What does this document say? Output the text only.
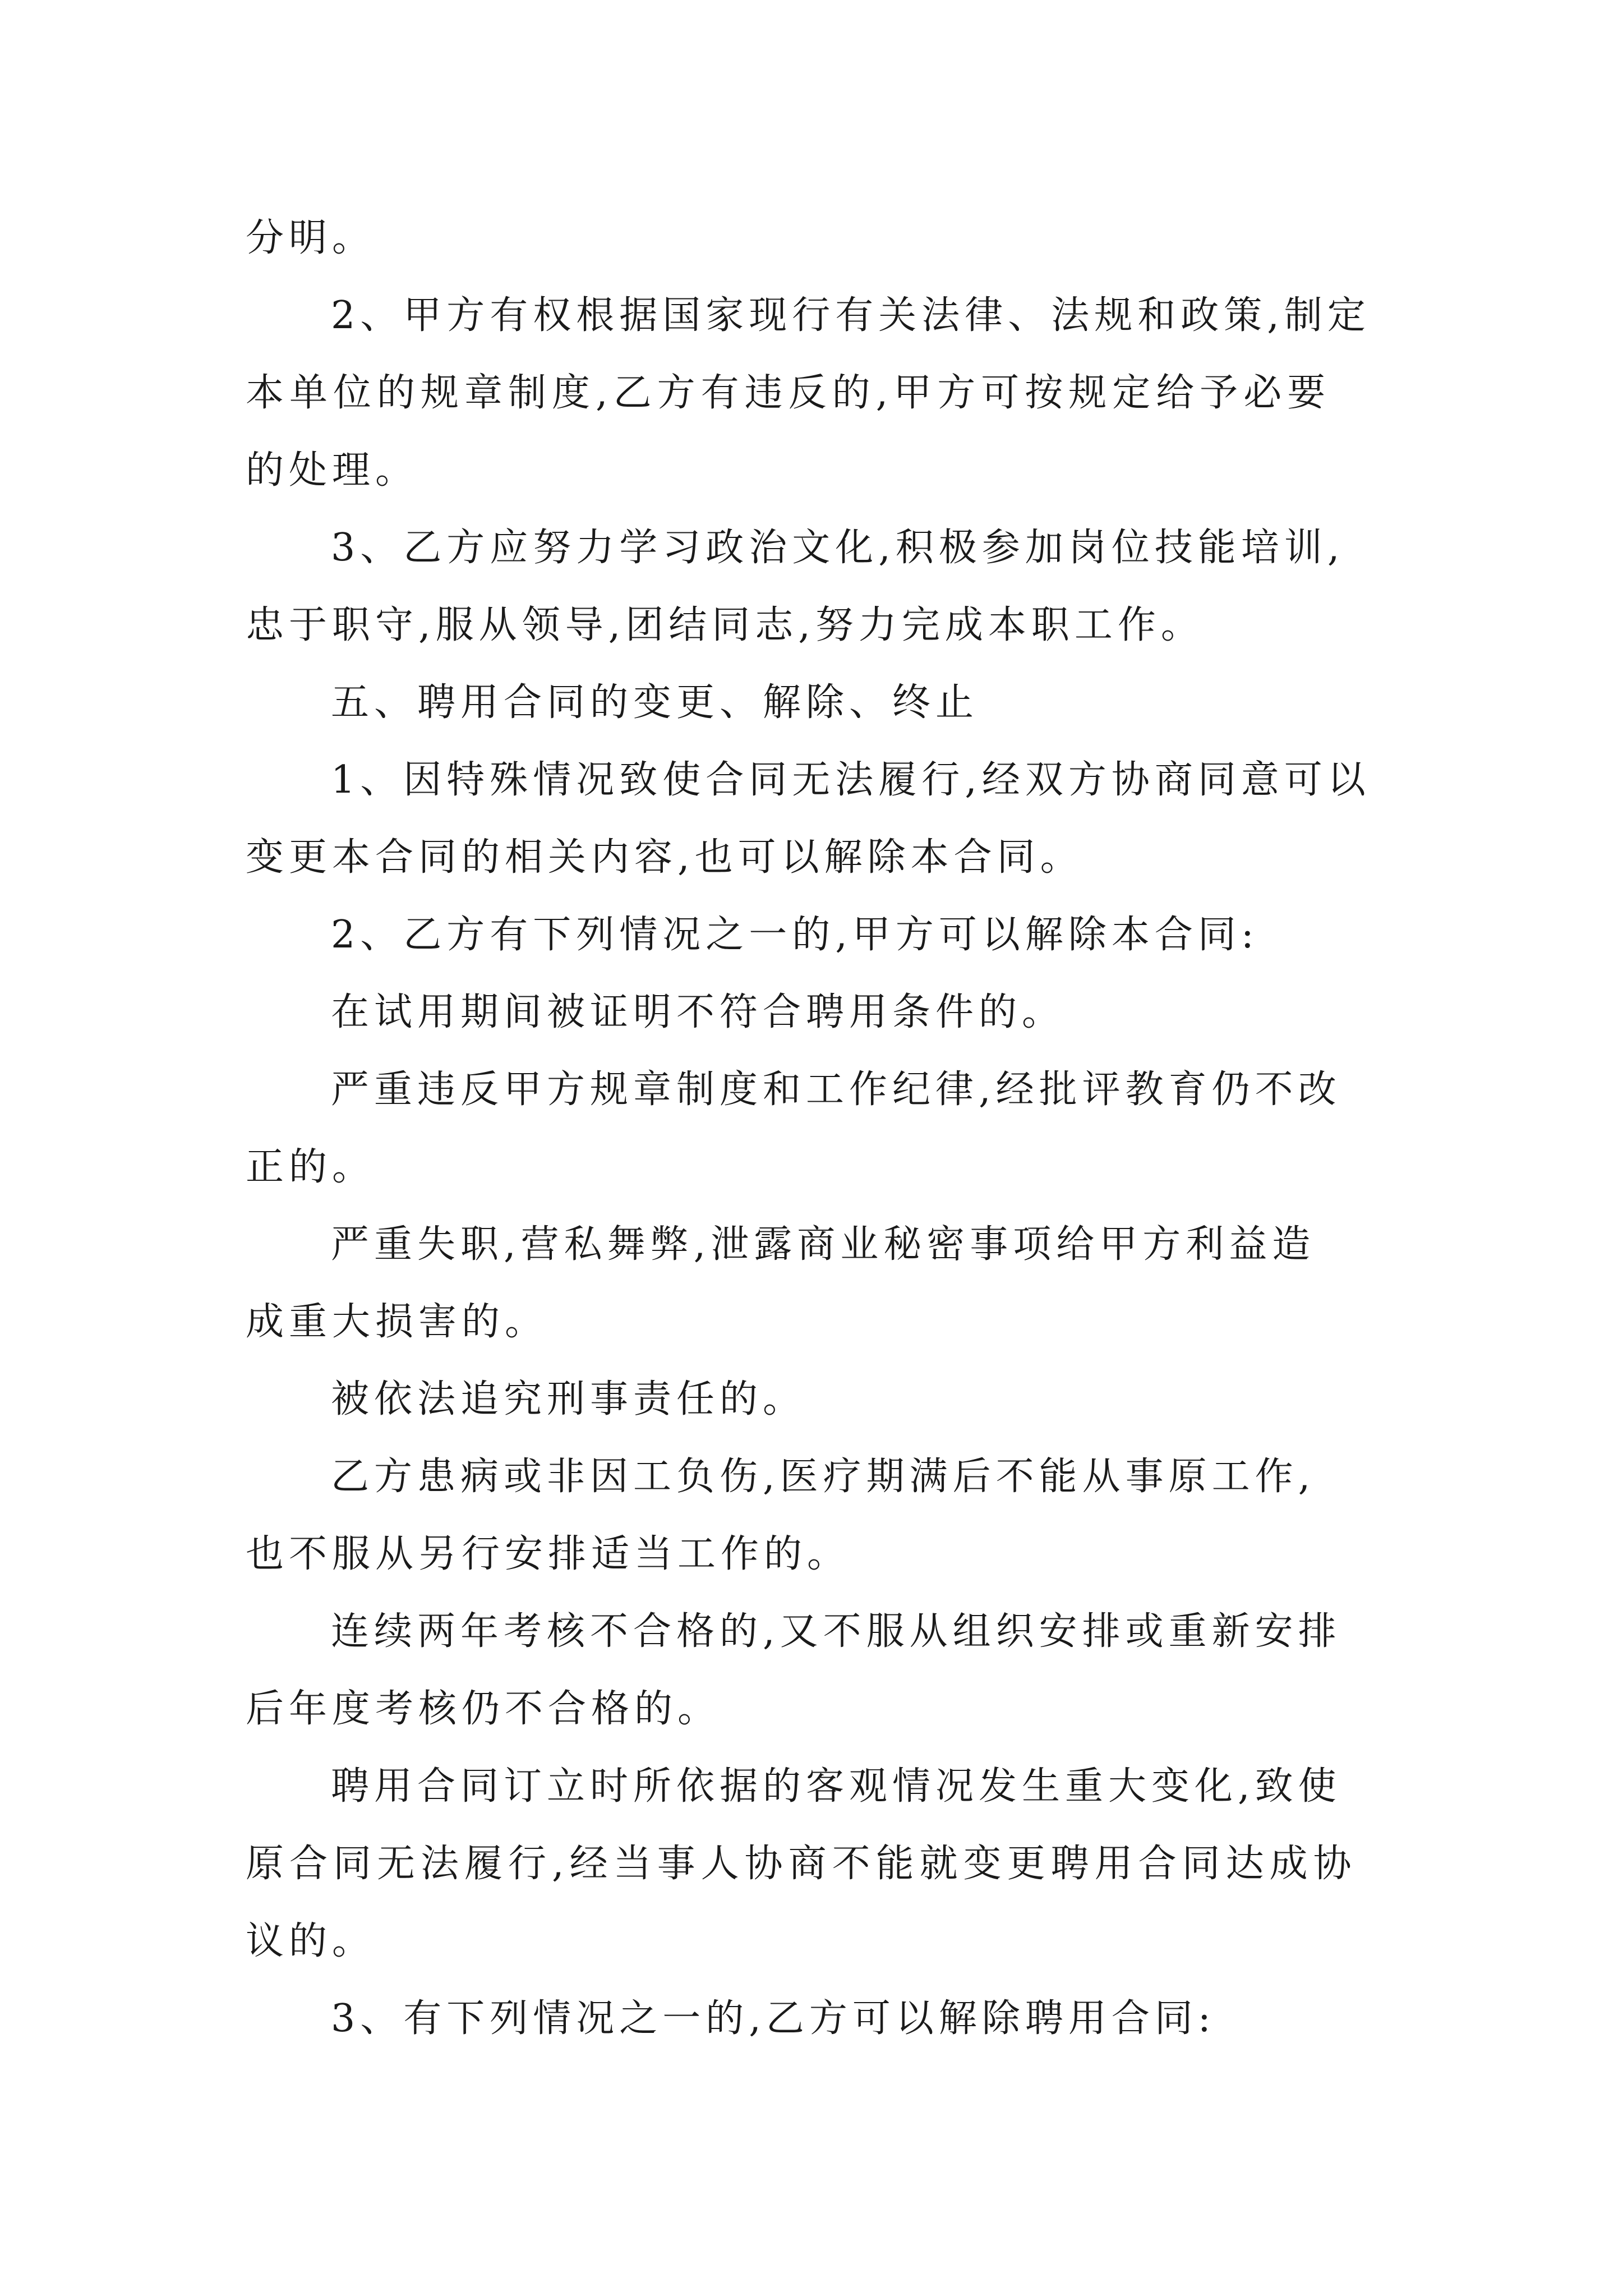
分明。
2、甲方有权根据国家现行有关法律、法规和政策,制定
本单位的规章制度,乙方有违反的,甲方可按规定给予必要
的处理。
3、乙方应努力学习政治文化,积极参加岗位技能培训,
忠于职守,服从领导,团结同志,努力完成本职工作。
五、聘用合同的变更、解除、终止
1、因特殊情况致使合同无法履行,经双方协商同意可以
变更本合同的相关内容,也可以解除本合同。
2、乙方有下列情况之一的,甲方可以解除本合同:
在试用期间被证明不符合聘用条件的。
严重违反甲方规章制度和工作纪律,经批评教育仍不改
正的。
严重失职,营私舞弊,泄露商业秘密事项给甲方利益造
成重大损害的。
被依法追究刑事责任的。
乙方患病或非因工负伤,医疗期满后不能从事原工作,
也不服从另行安排适当工作的。
连续两年考核不合格的,又不服从组织安排或重新安排
后年度考核仍不合格的。
聘用合同订立时所依据的客观情况发生重大变化,致使
原合同无法履行,经当事人协商不能就变更聘用合同达成协
议的。
3、有下列情况之一的,乙方可以解除聘用合同:
